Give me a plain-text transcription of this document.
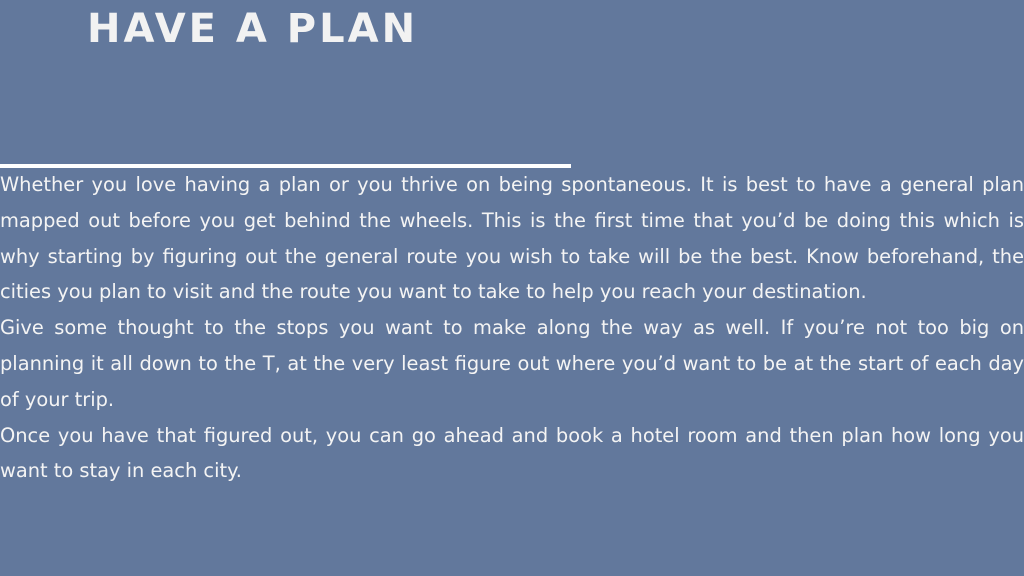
HAVE A PLAN

Whether you love having a plan or you thrive on being spontaneous. It is best to have a general plan mapped out before you get behind the wheels. This is the first time that you’d be doing this which is why starting by figuring out the general route you wish to take will be the best. Know beforehand, the cities you plan to visit and the route you want to take to help you reach your destination.

Give some thought to the stops you want to make along the way as well. If you’re not too big on planning it all down to the T, at the very least figure out where you’d want to be at the start of each day of your trip.

Once you have that figured out, you can go ahead and book a hotel room and then plan how long you want to stay in each city.
